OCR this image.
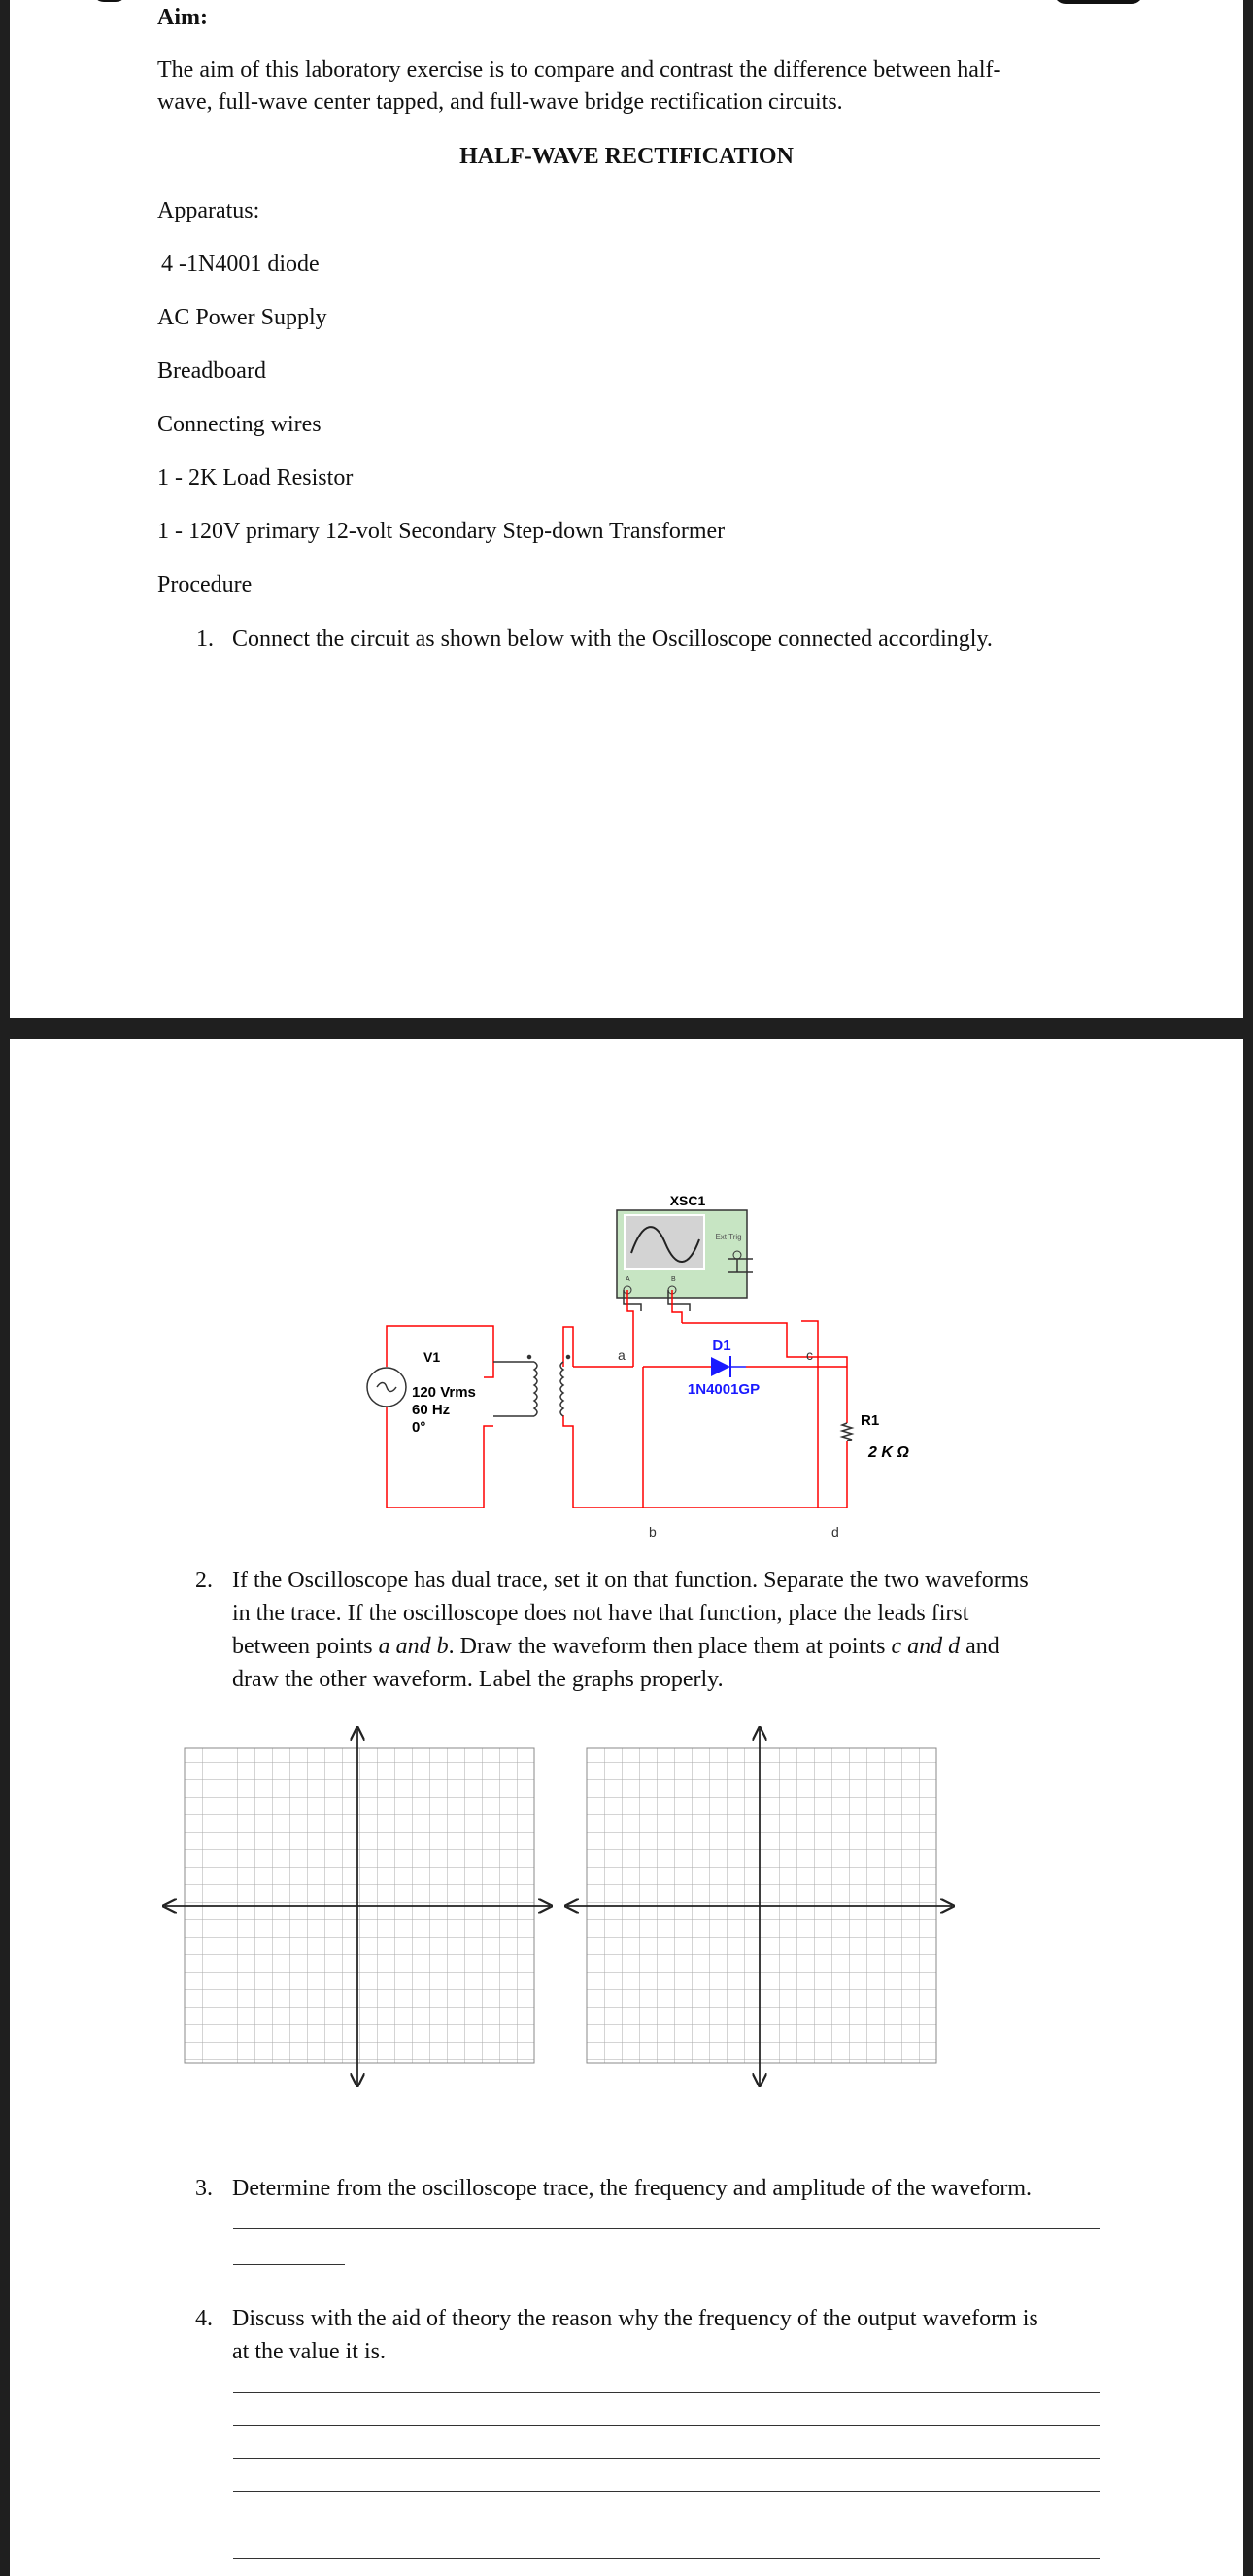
Aim:

The aim of this laboratory exercise is to compare and contrast the difference between half-

wave, full-wave center tapped, and full-wave bridge rectification circuits.

HALF-WAVE RECTIFICATION

Apparatus:

4 -1N4001 diode

AC Power Supply

Breadboard

Connecting wires

1 - 2K Load Resistor

1 - 120V primary 12-volt Secondary Step-down Transformer

Procedure

1. Connect the circuit as shown below with the Oscilloscope connected accordingly.

XSC1
Ext Trig
A	B
V1
120 Vrms
60 Hz
0°
D1
1N4001GP
R1
2 K Ω
a	c
b	d
2. If the Oscilloscope has dual trace, set it on that function. Separate the two waveforms

in the trace. If the oscilloscope does not have that function, place the leads first

between points a and b. Draw the waveform then place them at points c and d and

draw the other waveform. Label the graphs properly.

3. Determine from the oscilloscope trace, the frequency and amplitude of the waveform.

4. Discuss with the aid of theory the reason why the frequency of the output waveform is

at the value it is.
